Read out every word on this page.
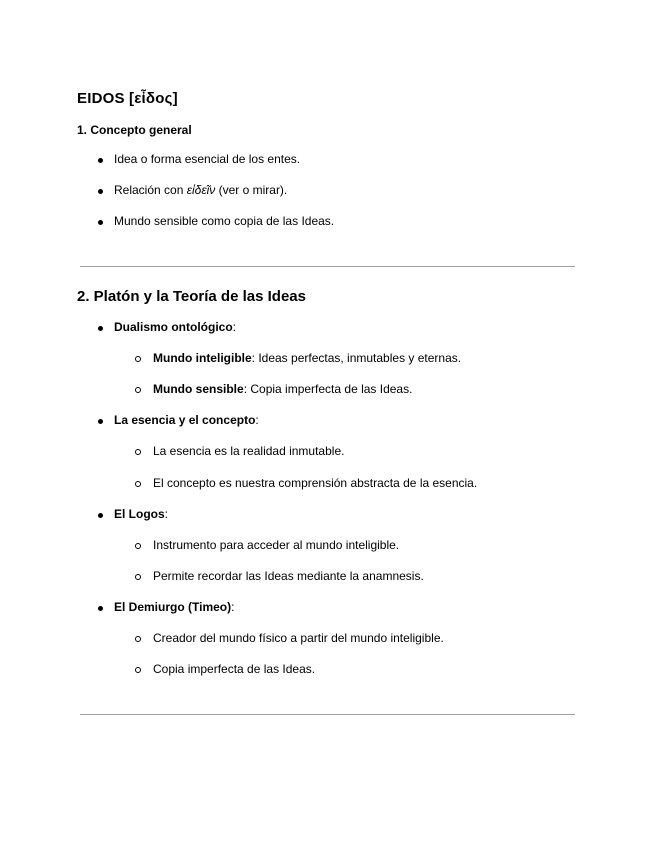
EIDOS [εἶδος]
1. Concepto general
Idea o forma esencial de los entes.
Relación con εἰδεῖν (ver o mirar).
Mundo sensible como copia de las Ideas.
2. Platón y la Teoría de las Ideas
Dualismo ontológico:
Mundo inteligible: Ideas perfectas, inmutables y eternas.
Mundo sensible: Copia imperfecta de las Ideas.
La esencia y el concepto:
La esencia es la realidad inmutable.
El concepto es nuestra comprensión abstracta de la esencia.
El Logos:
Instrumento para acceder al mundo inteligible.
Permite recordar las Ideas mediante la anamnesis.
El Demiurgo (Timeo):
Creador del mundo físico a partir del mundo inteligible.
Copia imperfecta de las Ideas.
